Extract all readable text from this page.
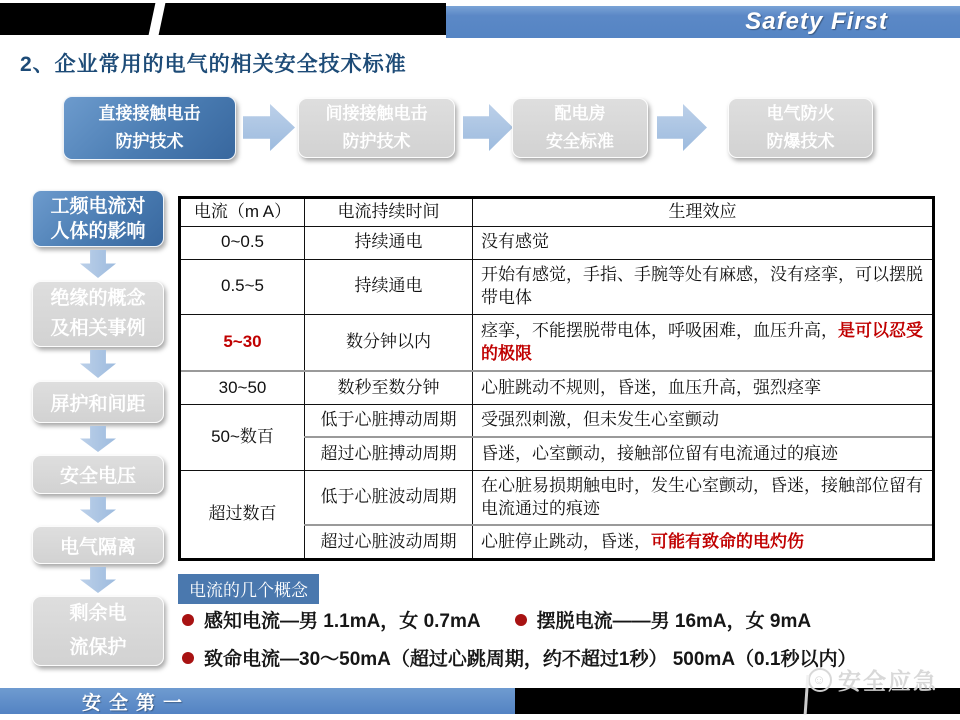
Safety First
2、企业常用的电气的相关安全技术标准
直接接触电击
防护技术
间接接触电击
防护技术
配电房
安全标准
电气防火
防爆技术
工频电流对
人体的影响
绝缘的概念
及相关事例
屏护和间距
安全电压
电气隔离
剩余电
流保护
电流（m A）	电流持续时间	生理效应
0~0.5	持续通电	没有感觉
0.5~5	持续通电	开始有感觉，手指、手腕等处有麻感，没有痉挛，可以摆脱带电体
5~30	数分钟以内	痉挛，不能摆脱带电体，呼吸困难，血压升高，是可以忍受的极限
30~50	数秒至数分钟	心脏跳动不规则，昏迷，血压升高，强烈痉挛
50~数百	低于心脏搏动周期	受强烈刺激，但未发生心室颤动
	超过心脏搏动周期	昏迷，心室颤动，接触部位留有电流通过的痕迹
超过数百	低于心脏波动周期	在心脏易损期触电时，发生心室颤动，昏迷，接触部位留有电流通过的痕迹
	超过心脏波动周期	心脏停止跳动，昏迷，可能有致命的电灼伤
电流的几个概念
感知电流—男 1.1mA，女 0.7mA	摆脱电流——男 16mA，女 9mA
致命电流—30～50mA（超过心跳周期，约不超过1秒） 500mA（0.1秒以内）
安全第一
☺ 安全应急
